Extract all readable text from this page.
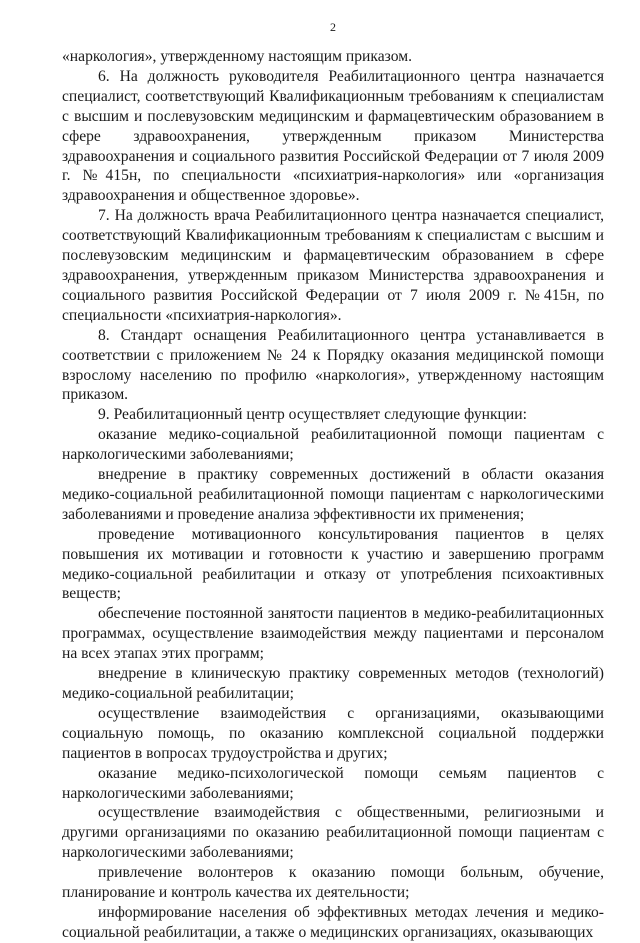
2

«наркология», утвержденному настоящим приказом.

6. На должность руководителя Реабилитационного центра назначается специалист, соответствующий Квалификационным требованиям к специалистам с высшим и послевузовским медицинским и фармацевтическим образованием в сфере здравоохранения, утвержденным приказом Министерства здравоохранения и социального развития Российской Федерации от 7 июля 2009 г. №415н, по специальности «психиатрия-наркология» или «организация здравоохранения и общественное здоровье».

7. На должность врача Реабилитационного центра назначается специалист, соответствующий Квалификационным требованиям к специалистам с высшим и послевузовским медицинским и фармацевтическим образованием в сфере здравоохранения, утвержденным приказом Министерства здравоохранения и социального развития Российской Федерации от 7 июля 2009 г. №415н, по специальности «психиатрия-наркология».

8. Стандарт оснащения Реабилитационного центра устанавливается в соответствии с приложением № 24 к Порядку оказания медицинской помощи взрослому населению по профилю «наркология», утвержденному настоящим приказом.

9. Реабилитационный центр осуществляет следующие функции:

оказание медико-социальной реабилитационной помощи пациентам с наркологическими заболеваниями;

внедрение в практику современных достижений в области оказания медико-социальной реабилитационной помощи пациентам с наркологическими заболеваниями и проведение анализа эффективности их применения;

проведение мотивационного консультирования пациентов в целях повышения их мотивации и готовности к участию и завершению программ медико-социальной реабилитации и отказу от употребления психоактивных веществ;

обеспечение постоянной занятости пациентов в медико-реабилитационных программах, осуществление взаимодействия между пациентами и персоналом на всех этапах этих программ;

внедрение в клиническую практику современных методов (технологий) медико-социальной реабилитации;

осуществление взаимодействия с организациями, оказывающими социальную помощь, по оказанию комплексной социальной поддержки пациентов в вопросах трудоустройства и других;

оказание медико-психологической помощи семьям пациентов с наркологическими заболеваниями;

осуществление взаимодействия с общественными, религиозными и другими организациями по оказанию реабилитационной помощи пациентам с наркологическими заболеваниями;

привлечение волонтеров к оказанию помощи больным, обучение, планирование и контроль качества их деятельности;

информирование населения об эффективных методах лечения и медико-социальной реабилитации, а также о медицинских организациях, оказывающих
